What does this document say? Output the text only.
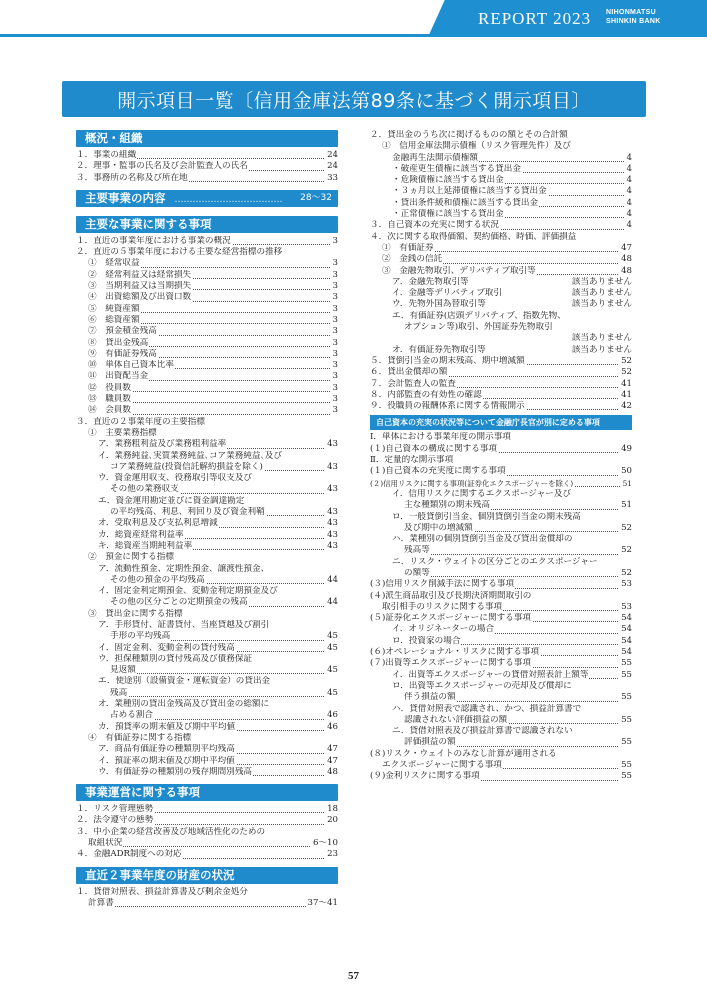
REPORT 2023 NIHONMATSU
SHINKIN BANK
開示項目一覧〔信用金庫法第89条に基づく開示項目〕
概況・組織
１．事業の組織	24
２．理事・監事の氏名及び会計監査人の氏名	24
３．事務所の名称及び所在地	33
主要事業の内容　……………………………… 28～32
主要な事業に関する事項
１．直近の事業年度における事業の概況	3
２．直近の５事業年度における主要な経営指標の推移
①　経常収益	3
②　経常利益又は経常損失	3
③　当期利益又は当期損失	3
④　出資総額及び出資口数	3
⑤　純資産額	3
⑥　総資産額	3
⑦　預金積金残高	3
⑧　貸出金残高	3
⑨　有価証券残高	3
⑩　単体自己資本比率	3
⑪　出資配当金	3
⑫　役員数	3
⑬　職員数	3
⑭　会員数	3
３．直近の２事業年度の主要指標
①　主要業務指標
ア．業務粗利益及び業務粗利益率	43
イ．業務純益､実質業務純益､コア業務純益､及び
コア業務純益(投資信託解約損益を除く)	43
ウ．資金運用収支、役務取引等収支及び
その他の業務収支	43
エ．資金運用勘定並びに資金調達勘定
の平均残高、利息、利回り及び資金利鞘	43
オ．受取利息及び支払利息増減	43
カ．総資産経常利益率	43
キ．総資産当期純利益率	43
②　預金に関する指標
ア．流動性預金、定期性預金、譲渡性預金、
その他の預金の平均残高	44
イ．固定金利定期預金、変動金利定期預金及び
その他の区分ごとの定期預金の残高	44
③　貸出金に関する指標
ア．手形貸付、証書貸付、当座貸越及び割引
手形の平均残高	45
イ．固定金利、変動金利の貸付残高	45
ウ．担保種類別の貸付残高及び債務保証
見返額	45
エ．使途別（設備資金・運転資金）の貸出金
残高	45
オ．業種別の貸出金残高及び貸出金の総額に
占める割合	46
カ．預貸率の期末値及び期中平均値	46
④　有価証券に関する指標
ア．商品有価証券の種類別平均残高	47
イ．預証率の期末値及び期中平均値	47
ウ．有価証券の種類別の残存期間別残高	48
事業運営に関する事項
１．リスク管理態勢	18
２．法令遵守の態勢	20
３．中小企業の経営改善及び地域活性化のための
取組状況	6～10
４．金融ADR制度への対応	23
直近２事業年度の財産の状況
１．貸借対照表、損益計算書及び剰余金処分
計算書	37～41
２．貸出金のうち次に掲げるものの額とその合計額
①　信用金庫法開示債権（リスク管理先件）及び
金融再生法開示債権額	4
・破産更生債権に該当する貸出金	4
・危険債権に該当する貸出金	4
・３ヵ月以上延滞債権に該当する貸出金	4
・貸出条件緩和債権に該当する貸出金	4
・正常債権に該当する貸出金	4
３．自己資本の充実に関する状況	4
４．次に関する取得価額、契約価格、時価、評価損益
①　有価証券	47
②　金銭の信託	48
③　金融先物取引、デリバティブ取引等	48
ア．金融先物取引等	該当ありません
イ．金融等デリバティブ取引	該当ありません
ウ．先物外国為替取引等	該当ありません
エ．有価証券(店頭デリバティブ、指数先物、
オプション等)取引、外国証券先物取引
該当ありません
オ．有価証券先物取引等	該当ありません
５．貸倒引当金の期末残高、期中増減額	52
６．貸出金償却の額	52
７．会計監査人の監査	41
８．内部監査の有効性の確認	41
９．役職員の報酬体系に関する情報開示	42
自己資本の充実の状況等について金融庁長官が別に定める事項
Ⅰ．単体における事業年度の開示事項
(１)自己資本の構成に関する事項	49
Ⅱ．定量的な開示事項
(１)自己資本の充実度に関する事項	50
(２)信用リスクに関する事項(証券化エクスポージャーを除く)	51
イ．信用リスクに関するエクスポージャー及び
主な種類別の期末残高	51
ロ．一般貸倒引当金、個別貸倒引当金の期末残高
及び期中の増減額	52
ハ．業種別の個別貸倒引当金及び貸出金償却の
残高等	52
ニ．リスク・ウェイトの区分ごとのエクスポージャー
の額等	52
(３)信用リスク削減手法に関する事項	53
(４)派生商品取引及び長期決済期間取引の
取引相手のリスクに関する事項	53
(５)証券化エクスポージャーに関する事項	54
イ．オリジネーターの場合	54
ロ．投資家の場合	54
(６)オペレーショナル・リスクに関する事項	54
(７)出資等エクスポージャーに関する事項	55
イ．出資等エクスポージャーの貸借対照表計上額等	55
ロ．出資等エクスポージャーの売却及び償却に
伴う損益の額	55
ハ．貸借対照表で認識され、かつ、損益計算書で
認識されない評価損益の額	55
ニ．貸借対照表及び損益計算書で認識されない
評価損益の額	55
(８)リスク・ウェイトのみなし計算が適用される
エクスポージャーに関する事項	55
(９)金利リスクに関する事項	55
57
